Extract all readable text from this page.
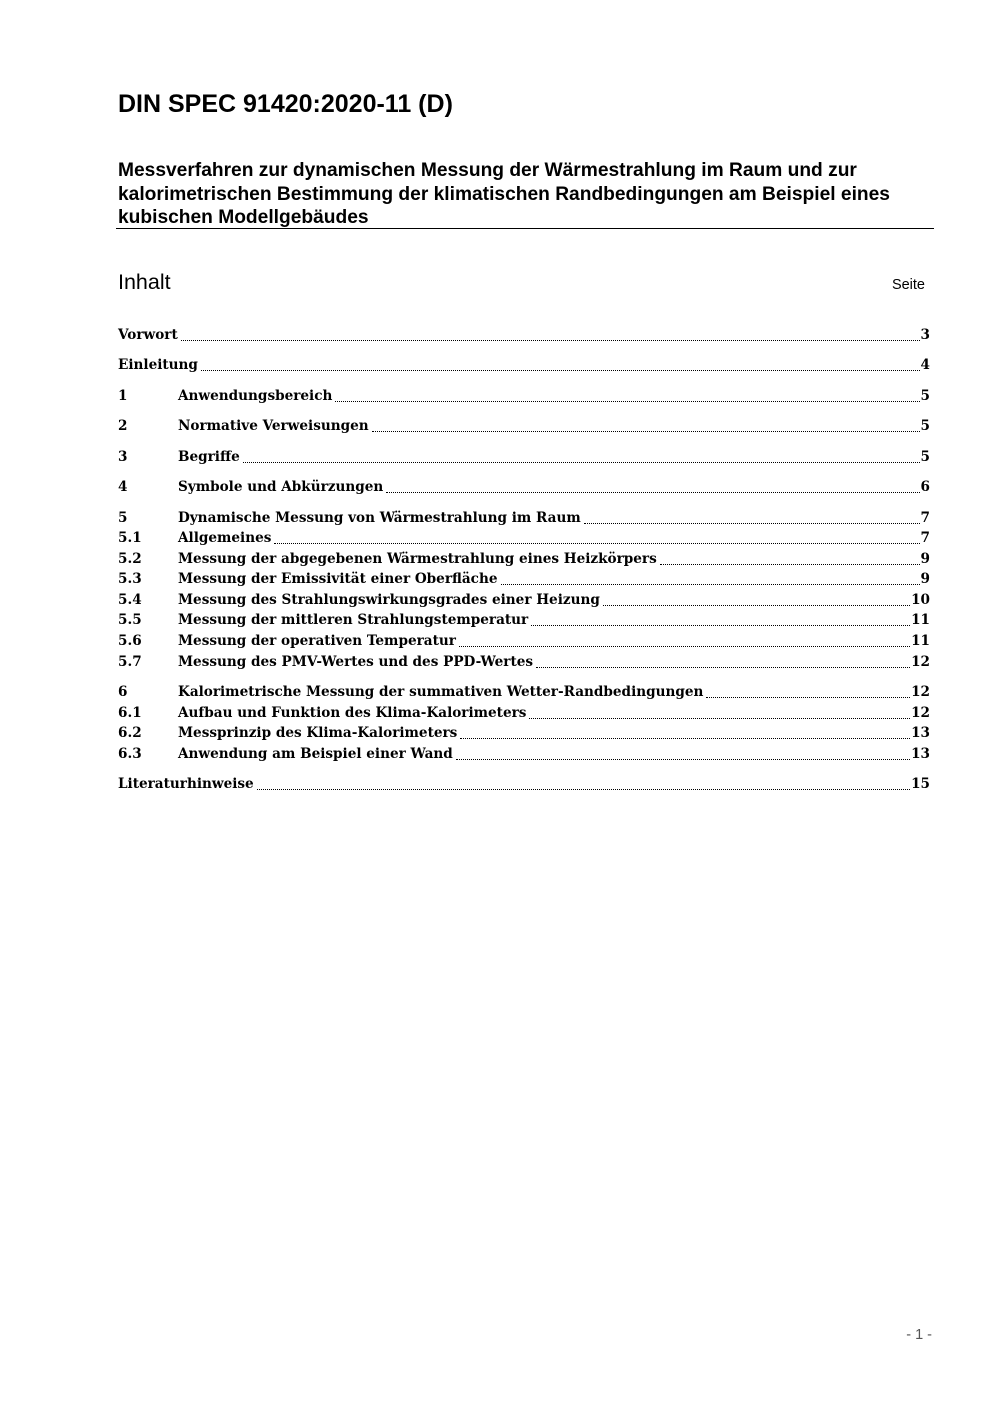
DIN SPEC 91420:2020-11 (D)
Messverfahren zur dynamischen Messung der Wärmestrahlung im Raum und zur
kalorimetrischen Bestimmung der klimatischen Randbedingungen am Beispiel eines
kubischen Modellgebäudes
Inhalt	Seite
Vorwort	3
Einleitung	4
1	Anwendungsbereich	5
2	Normative Verweisungen	5
3	Begriffe	5
4	Symbole und Abkürzungen	6
5	Dynamische Messung von Wärmestrahlung im Raum	7
5.1	Allgemeines	7
5.2	Messung der abgegebenen Wärmestrahlung eines Heizkörpers	9
5.3	Messung der Emissivität einer Oberfläche	9
5.4	Messung des Strahlungswirkungsgrades einer Heizung	10
5.5	Messung der mittleren Strahlungstemperatur	11
5.6	Messung der operativen Temperatur	11
5.7	Messung des PMV-Wertes und des PPD-Wertes	12
6	Kalorimetrische Messung der summativen Wetter-Randbedingungen	12
6.1	Aufbau und Funktion des Klima-Kalorimeters	12
6.2	Messprinzip des Klima-Kalorimeters	13
6.3	Anwendung am Beispiel einer Wand	13
Literaturhinweise	15
- 1 -
